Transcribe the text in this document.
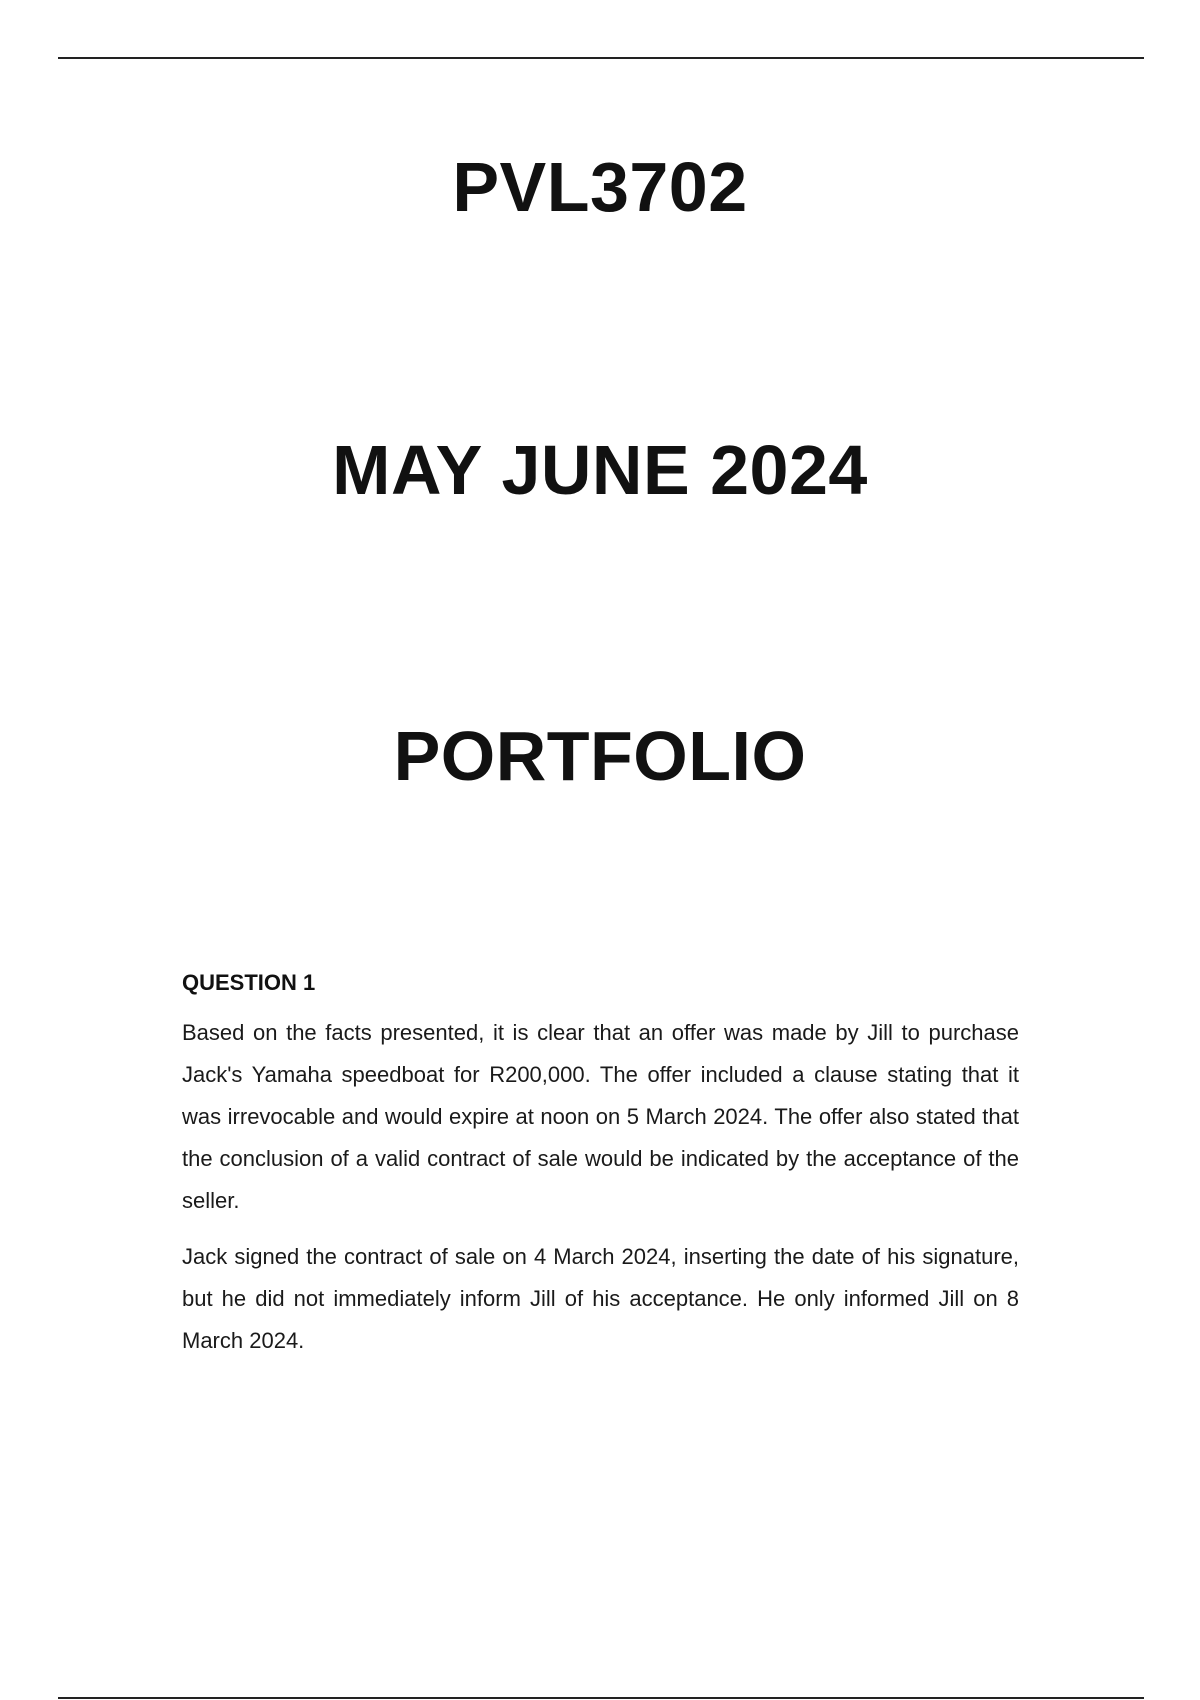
PVL3702
MAY JUNE 2024
PORTFOLIO

QUESTION 1

Based on the facts presented, it is clear that an offer was made by Jill to purchase Jack's Yamaha speedboat for R200,000. The offer included a clause stating that it was irrevocable and would expire at noon on 5 March 2024. The offer also stated that the conclusion of a valid contract of sale would be indicated by the acceptance of the seller.

Jack signed the contract of sale on 4 March 2024, inserting the date of his signature, but he did not immediately inform Jill of his acceptance. He only informed Jill on 8 March 2024.
